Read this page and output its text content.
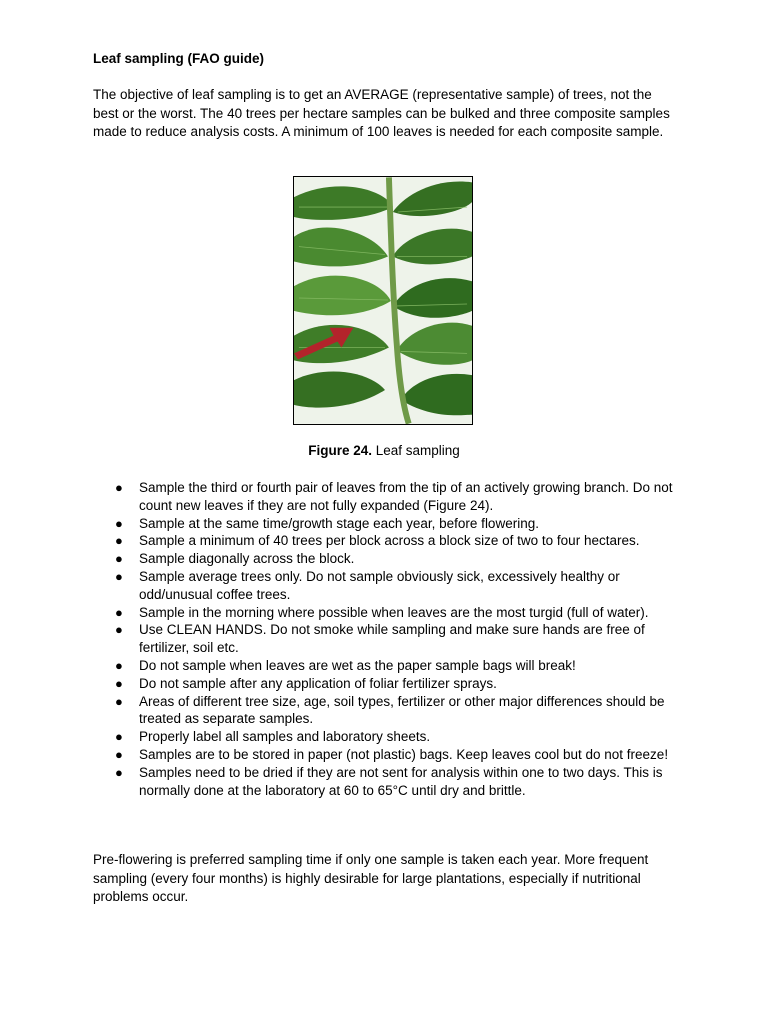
Leaf sampling (FAO guide)

The objective of leaf sampling is to get an AVERAGE (representative sample) of trees, not the best or the worst. The 40 trees per hectare samples can be bulked and three composite samples made to reduce analysis costs. A minimum of 100 leaves is needed for each composite sample.

Figure 24. Leaf sampling
● Sample the third or fourth pair of leaves from the tip of an actively growing branch. Do not count new leaves if they are not fully expanded (Figure 24).
● Sample at the same time/growth stage each year, before flowering.
● Sample a minimum of 40 trees per block across a block size of two to four hectares.
● Sample diagonally across the block.
● Sample average trees only. Do not sample obviously sick, excessively healthy or odd/unusual coffee trees.
● Sample in the morning where possible when leaves are the most turgid (full of water).
● Use CLEAN HANDS. Do not smoke while sampling and make sure hands are free of fertilizer, soil etc.
● Do not sample when leaves are wet as the paper sample bags will break!
● Do not sample after any application of foliar fertilizer sprays.
● Areas of different tree size, age, soil types, fertilizer or other major differences should be treated as separate samples.
● Properly label all samples and laboratory sheets.
● Samples are to be stored in paper (not plastic) bags. Keep leaves cool but do not freeze!
● Samples need to be dried if they are not sent for analysis within one to two days. This is normally done at the laboratory at 60 to 65°C until dry and brittle.

Pre-flowering is preferred sampling time if only one sample is taken each year. More frequent sampling (every four months) is highly desirable for large plantations, especially if nutritional problems occur.
